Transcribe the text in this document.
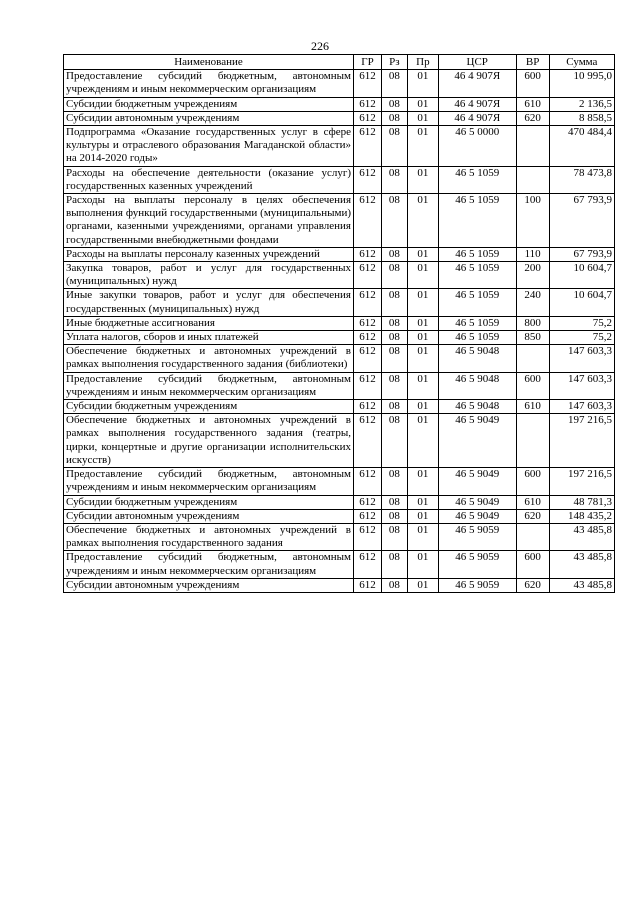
226
Наименование	ГР	Рз	Пр	ЦСР	ВР	Сумма
Предоставление субсидий бюджетным, автономным учреждениям и иным некоммерческим организациям	612	08	01	46 4 907Я	600	10 995,0
Субсидии бюджетным учреждениям	612	08	01	46 4 907Я	610	2 136,5
Субсидии автономным учреждениям	612	08	01	46 4 907Я	620	8 858,5
Подпрограмма «Оказание государственных услуг в сфере культуры и отраслевого образования Магаданской области» на 2014-2020 годы»	612	08	01	46 5 0000		470 484,4
Расходы на обеспечение деятельности (оказание услуг) государственных казенных учреждений	612	08	01	46 5 1059		78 473,8
Расходы на выплаты персоналу в целях обеспечения выполнения функций государственными (муниципальными) органами, казенными учреждениями, органами управления государственными внебюджетными фондами	612	08	01	46 5 1059	100	67 793,9
Расходы на выплаты персоналу казенных учреждений	612	08	01	46 5 1059	110	67 793,9
Закупка товаров, работ и услуг для государственных (муниципальных) нужд	612	08	01	46 5 1059	200	10 604,7
Иные закупки товаров, работ и услуг для обеспечения государственных (муниципальных) нужд	612	08	01	46 5 1059	240	10 604,7
Иные бюджетные ассигнования	612	08	01	46 5 1059	800	75,2
Уплата налогов, сборов и иных платежей	612	08	01	46 5 1059	850	75,2
Обеспечение бюджетных и автономных учреждений в рамках выполнения государственного задания (библиотеки)	612	08	01	46 5 9048		147 603,3
Предоставление субсидий бюджетным, автономным учреждениям и иным некоммерческим организациям	612	08	01	46 5 9048	600	147 603,3
Субсидии бюджетным учреждениям	612	08	01	46 5 9048	610	147 603,3
Обеспечение бюджетных и автономных учреждений в рамках выполнения государственного задания (театры, цирки, концертные и другие организации исполнительских искусств)	612	08	01	46 5 9049		197 216,5
Предоставление субсидий бюджетным, автономным учреждениям и иным некоммерческим организациям	612	08	01	46 5 9049	600	197 216,5
Субсидии бюджетным учреждениям	612	08	01	46 5 9049	610	48 781,3
Субсидии автономным учреждениям	612	08	01	46 5 9049	620	148 435,2
Обеспечение бюджетных и автономных учреждений в рамках выполнения государственного задания	612	08	01	46 5 9059		43 485,8
Предоставление субсидий бюджетным, автономным учреждениям и иным некоммерческим организациям	612	08	01	46 5 9059	600	43 485,8
Субсидии автономным учреждениям	612	08	01	46 5 9059	620	43 485,8
